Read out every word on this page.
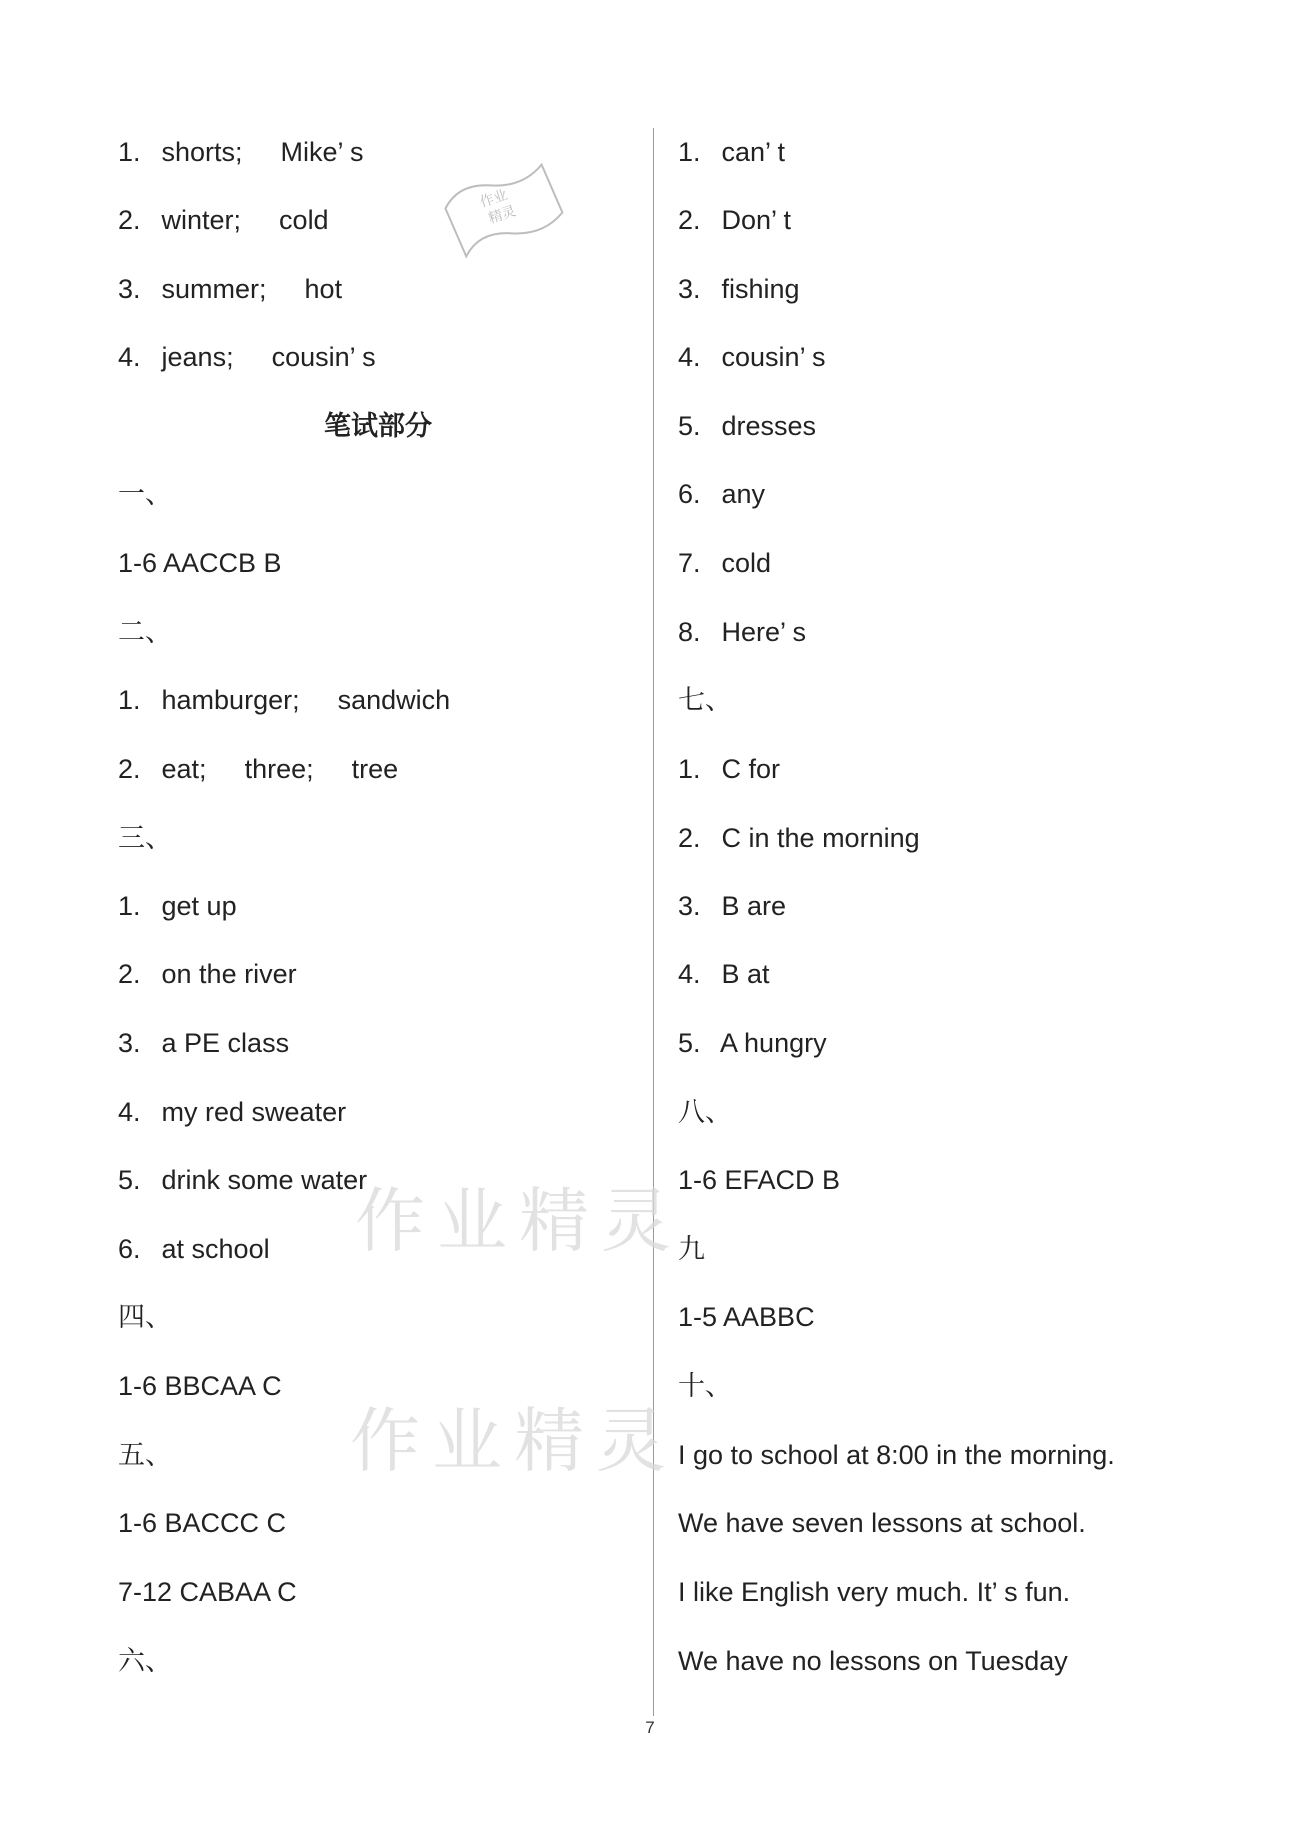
1. shorts; Mike’ s
2. winter; cold
3. summer; hot
4. jeans; cousin’ s
笔试部分
一、
1-6 AACCB B
二、
1. hamburger; sandwich
2. eat; three; tree
三、
1. get up
2. on the river
3. a PE class
4. my red sweater
5. drink some water
6. at school
四、
1-6 BBCAA C
五、
1-6 BACCC C
7-12 CABAA C
六、
1. can’ t
2. Don’ t
3. fishing
4. cousin’ s
5. dresses
6. any
7. cold
8. Here’ s
七、
1. C for
2. C in the morning
3. B are
4. B at
5. A hungry
八、
1-6 EFACD B
九
1-5 AABBC
十、
I go to school at 8:00 in the morning.
We have seven lessons at school.
I like English very much. It’ s fun.
We have no lessons on Tuesday
作业
精灵
作业精灵
作业精灵
7
